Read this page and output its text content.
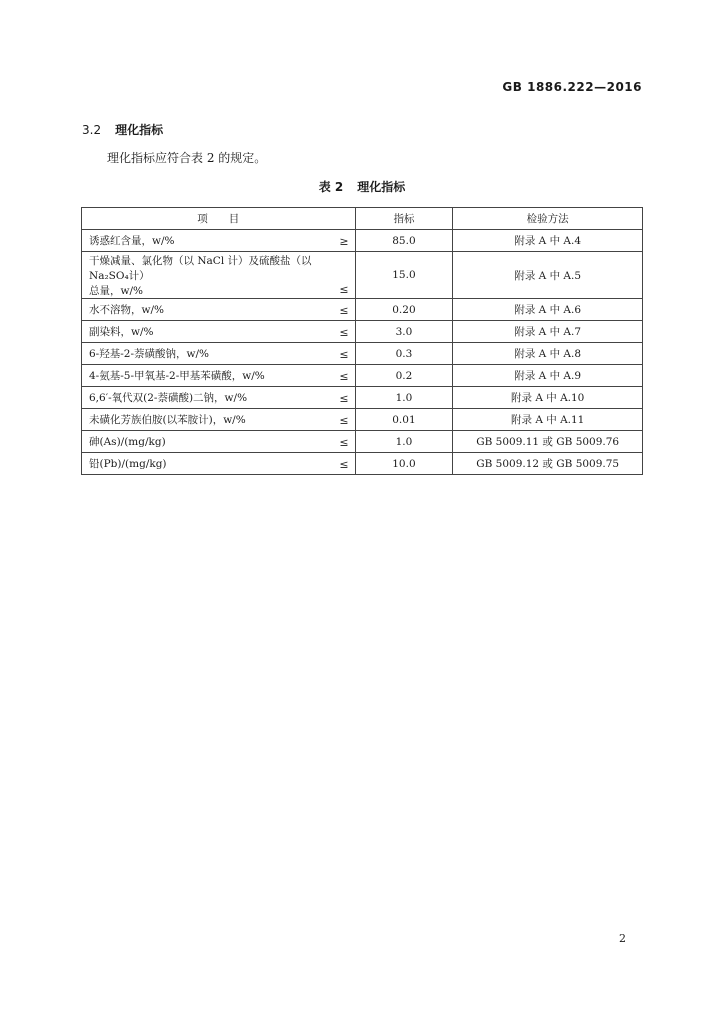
GB 1886.222—2016
3.2 理化指标
理化指标应符合表 2 的规定。
表 2 理化指标
项　　目	指标	检验方法

诱惑红含量，w/% ≥	85.0	附录 A 中 A.4

干燥减量、氯化物（以 NaCl 计）及硫酸盐（以 Na₂SO₄计）
总量，w/% ≤	15.0	附录 A 中 A.5

水不溶物，w/% ≤	0.20	附录 A 中 A.6

副染料，w/% ≤	3.0	附录 A 中 A.7

6-羟基-2-萘磺酸钠，w/% ≤	0.3	附录 A 中 A.8

4-氨基-5-甲氧基-2-甲基苯磺酸，w/% ≤	0.2	附录 A 中 A.9

6,6′-氧代双(2-萘磺酸)二钠，w/% ≤	1.0	附录 A 中 A.10

未磺化芳族伯胺(以苯胺计)，w/% ≤	0.01	附录 A 中 A.11

砷(As)/(mg/kg) ≤	1.0	GB 5009.11 或 GB 5009.76

铅(Pb)/(mg/kg) ≤	10.0	GB 5009.12 或 GB 5009.75
2
